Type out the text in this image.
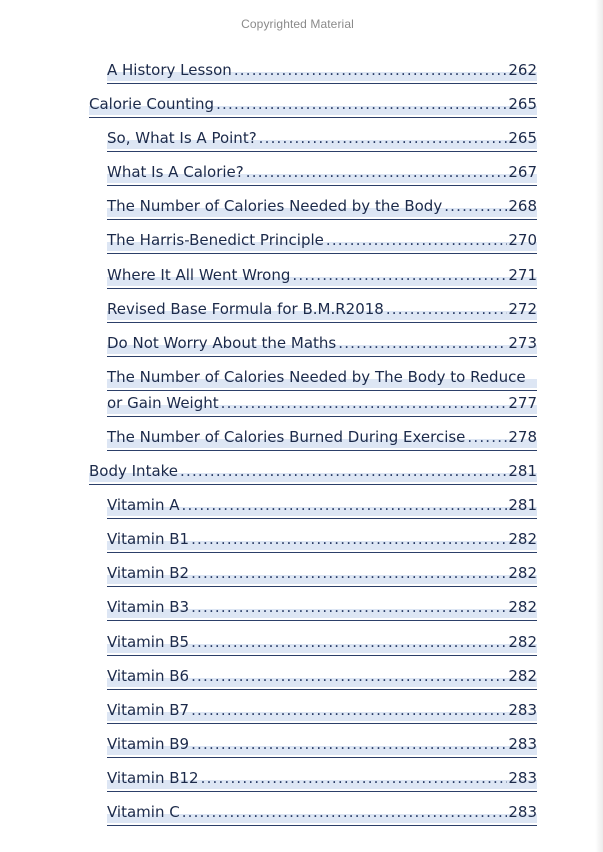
Copyrighted Material
A History Lesson .....	262
Calorie Counting .....	265
So, What Is A Point? .....	265
What Is A Calorie? .....	267
The Number of Calories Needed by the Body .....	268
The Harris-Benedict Principle .....	270
Where It All Went Wrong .....	271
Revised Base Formula for B.M.R2018 .....	272
Do Not Worry About the Maths .....	273
The Number of Calories Needed by The Body to Reduce
or Gain Weight .....	277
The Number of Calories Burned During Exercise .....	278
Body Intake .....	281
Vitamin A .....	281
Vitamin B1 .....	282
Vitamin B2 .....	282
Vitamin B3 .....	282
Vitamin B5 .....	282
Vitamin B6 .....	282
Vitamin B7 .....	283
Vitamin B9 .....	283
Vitamin B12 .....	283
Vitamin C .....	283
